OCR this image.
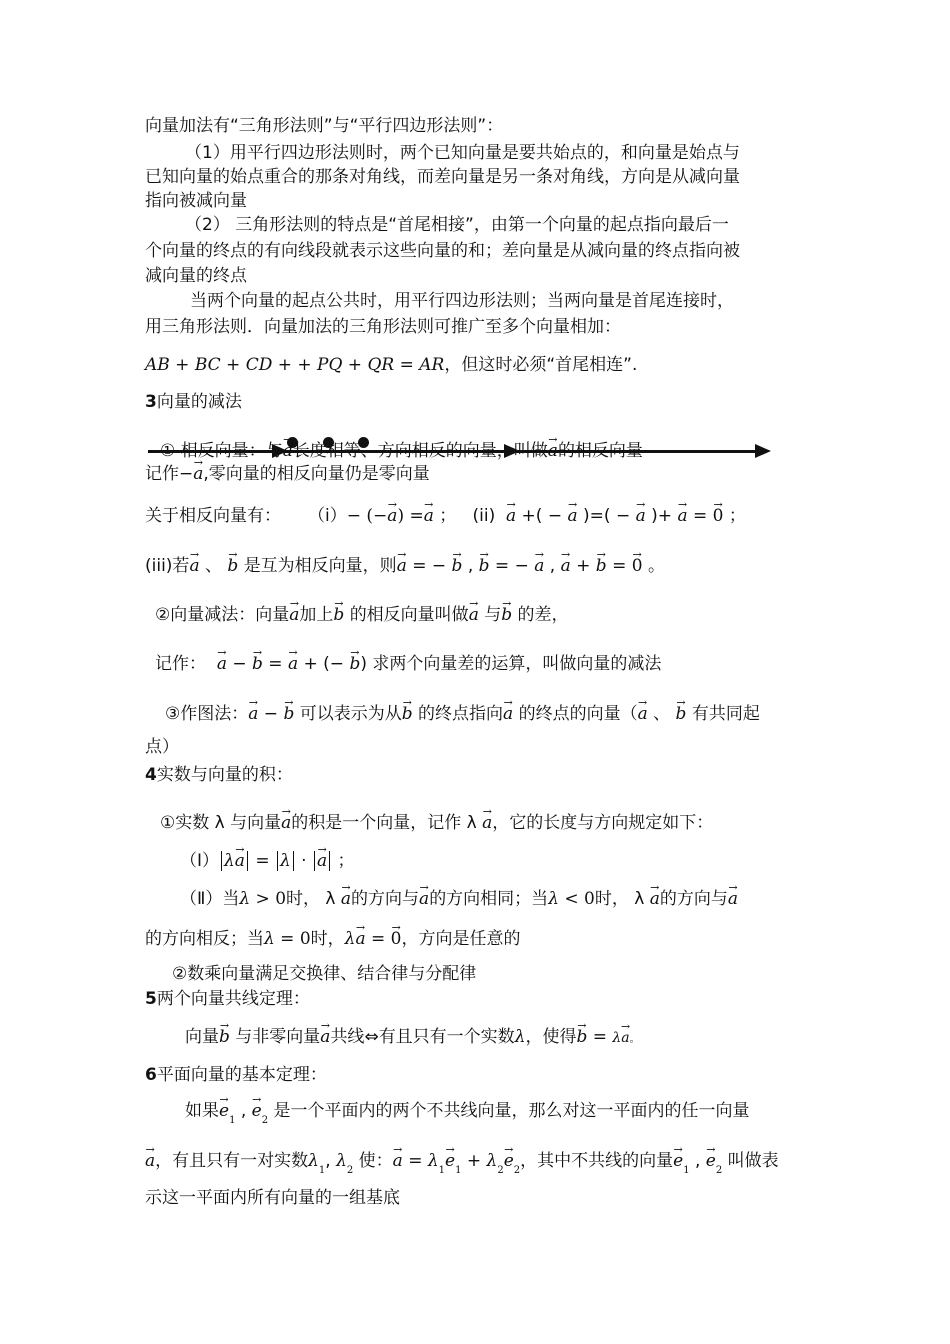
向量加法有“三角形法则”与“平行四边形法则”：
（1）用平行四边形法则时，两个已知向量是要共始点的，和向量是始点与
已知向量的始点重合的那条对角线，而差向量是另一条对角线，方向是从减向量
指向被减向量
（2） 三角形法则的特点是“首尾相接”，由第一个向量的起点指向最后一
个向量的终点的有向线段就表示这些向量的和；差向量是从减向量的终点指向被
减向量的终点
当两个向量的起点公共时，用平行四边形法则；当两向量是首尾连接时，
用三角形法则．向量加法的三角形法则可推广至多个向量相加：
AB + BC + CD + + PQ + QR = AR，但这时必须“首尾相连”.
3向量的减法
① 相反向量：与→ a长度相等、方向相反的向量，叫做→ a的相反向量
记作−→ a,零向量的相反向量仍是零向量
关于相反向量有： （i）− (−→ a) =→ a ；   (ii) → a +( − → a )=( − → a )+ → a = → 0 ；
(iii)若→ a 、 → b 是互为相反向量，则→ a = − → b , → b = − → a , → a + → b = → 0 。
②向量减法：向量→ a加上→ b 的相反向量叫做→ a 与→ b 的差，
记作： → a − → b = → a + (− → b) 求两个向量差的运算，叫做向量的减法
③作图法：→ a − → b 可以表示为从→ b 的终点指向→ a 的终点的向量（→ a 、 → b 有共同起
点）
4实数与向量的积：
①实数 λ 与向量→ a的积是一个向量，记作 λ → a，它的长度与方向规定如下：
（Ⅰ） λ→ a = λ · → a ；
（Ⅱ）当λ > 0时， λ → a的方向与→ a的方向相同；当λ < 0时， λ → a的方向与→ a
的方向相反；当λ = 0时，λ→ a = → 0，方向是任意的
②数乘向量满足交换律、结合律与分配律
5两个向量共线定理：
向量→ b 与非零向量→ a共线⇔有且只有一个实数λ，使得→ b = λ→ a。
6平面向量的基本定理：
如果→ $e_1$ , → $e_2$ 是一个平面内的两个不共线向量，那么对这一平面内的任一向量
→ a，有且只有一对实数$\lambda_1$, $\lambda_2$ 使：→ $a = \lambda_1\to e_1 + \lambda_2\to e_2$，其中不共线的向量→ $e_1$ , → $e_2$ 叫做表
示这一平面内所有向量的一组基底
